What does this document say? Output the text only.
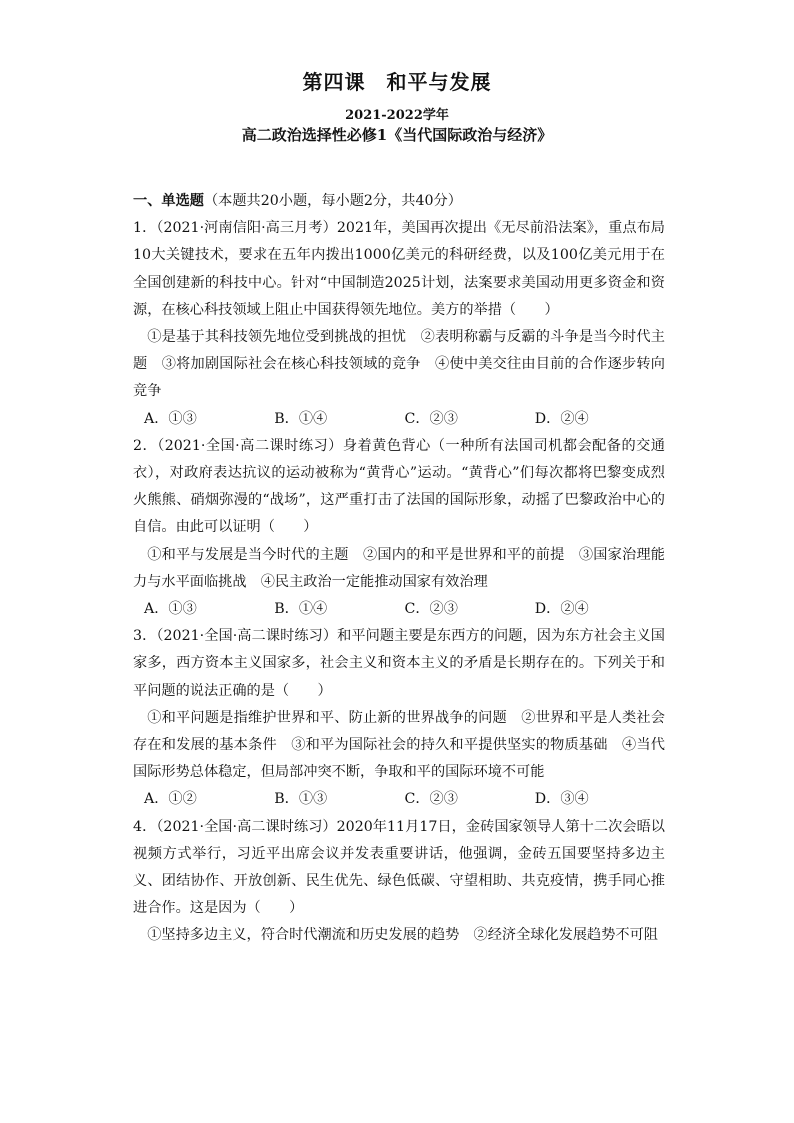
第四课　和平与发展
2021-2022学年
高二政治选择性必修1《当代国际政治与经济》

一、单选题（本题共20小题，每小题2分，共40分）

1．（2021·河南信阳·高三月考）2021年，美国再次提出《无尽前沿法案》，重点布局10大关键技术，要求在五年内拨出1000亿美元的科研经费，以及100亿美元用于在全国创建新的科技中心。针对“中国制造2025计划，法案要求美国动用更多资金和资源，在核心科技领域上阻止中国获得领先地位。美方的举措（　　）

①是基于其科技领先地位受到挑战的担忧　②表明称霸与反霸的斗争是当今时代主题　③将加剧国际社会在核心科技领域的竞争　④使中美交往由目前的合作逐步转向竞争

A．①③	B．①④	C．②③	D．②④

2．（2021·全国·高二课时练习）身着黄色背心（一种所有法国司机都会配备的交通衣），对政府表达抗议的运动被称为“黄背心”运动。“黄背心”们每次都将巴黎变成烈火熊熊、硝烟弥漫的“战场”，这严重打击了法国的国际形象，动摇了巴黎政治中心的自信。由此可以证明（　　）

①和平与发展是当今时代的主题　②国内的和平是世界和平的前提　③国家治理能力与水平面临挑战　④民主政治一定能推动国家有效治理

A．①③	B．①④	C．②③	D．②④

3．（2021·全国·高二课时练习）和平问题主要是东西方的问题，因为东方社会主义国家多，西方资本主义国家多，社会主义和资本主义的矛盾是长期存在的。下列关于和平问题的说法正确的是（　　）

①和平问题是指维护世界和平、防止新的世界战争的问题　②世界和平是人类社会存在和发展的基本条件　③和平为国际社会的持久和平提供坚实的物质基础　④当代国际形势总体稳定，但局部冲突不断，争取和平的国际环境不可能

A．①②	B．①③	C．②③	D．③④

4．（2021·全国·高二课时练习）2020年11月17日，金砖国家领导人第十二次会晤以视频方式举行，习近平出席会议并发表重要讲话，他强调，金砖五国要坚持多边主义、团结协作、开放创新、民生优先、绿色低碳、守望相助、共克疫情，携手同心推进合作。这是因为（　　）

①坚持多边主义，符合时代潮流和历史发展的趋势　②经济全球化发展趋势不可阻
